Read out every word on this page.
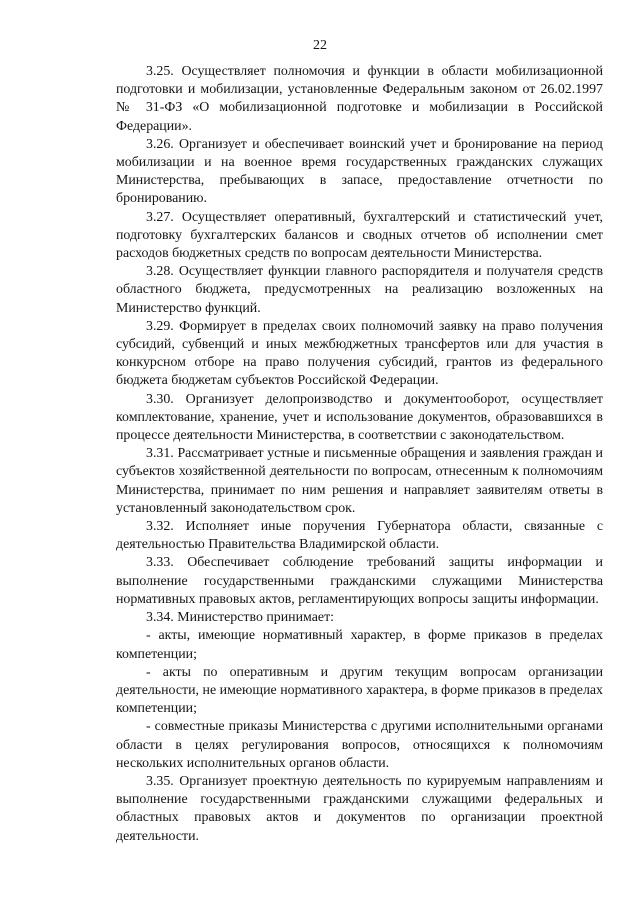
22

3.25. Осуществляет полномочия и функции в области мобилизационной подготовки и мобилизации, установленные Федеральным законом от 26.02.1997 № 31-ФЗ «О мобилизационной подготовке и мобилизации в Российской Федерации».

3.26. Организует и обеспечивает воинский учет и бронирование на период мобилизации и на военное время государственных гражданских служащих Министерства, пребывающих в запасе, предоставление отчетности по бронированию.

3.27. Осуществляет оперативный, бухгалтерский и статистический учет, подготовку бухгалтерских балансов и сводных отчетов об исполнении смет расходов бюджетных средств по вопросам деятельности Министерства.

3.28. Осуществляет функции главного распорядителя и получателя средств областного бюджета, предусмотренных на реализацию возложенных на Министерство функций.

3.29. Формирует в пределах своих полномочий заявку на право получения субсидий, субвенций и иных межбюджетных трансфертов или для участия в конкурсном отборе на право получения субсидий, грантов из федерального бюджета бюджетам субъектов Российской Федерации.

3.30. Организует делопроизводство и документооборот, осуществляет комплектование, хранение, учет и использование документов, образовавшихся в процессе деятельности Министерства, в соответствии с законодательством.

3.31. Рассматривает устные и письменные обращения и заявления граждан и субъектов хозяйственной деятельности по вопросам, отнесенным к полномочиям Министерства, принимает по ним решения и направляет заявителям ответы в установленный законодательством срок.

3.32. Исполняет иные поручения Губернатора области, связанные с деятельностью Правительства Владимирской области.

3.33. Обеспечивает соблюдение требований защиты информации и выполнение государственными гражданскими служащими Министерства нормативных правовых актов, регламентирующих вопросы защиты информации.

3.34. Министерство принимает:

- акты, имеющие нормативный характер, в форме приказов в пределах компетенции;

- акты по оперативным и другим текущим вопросам организации деятельности, не имеющие нормативного характера, в форме приказов в пределах компетенции;

- совместные приказы Министерства с другими исполнительными органами области в целях регулирования вопросов, относящихся к полномочиям нескольких исполнительных органов области.

3.35. Организует проектную деятельность по курируемым направлениям и выполнение государственными гражданскими служащими федеральных и областных правовых актов и документов по организации проектной деятельности.
